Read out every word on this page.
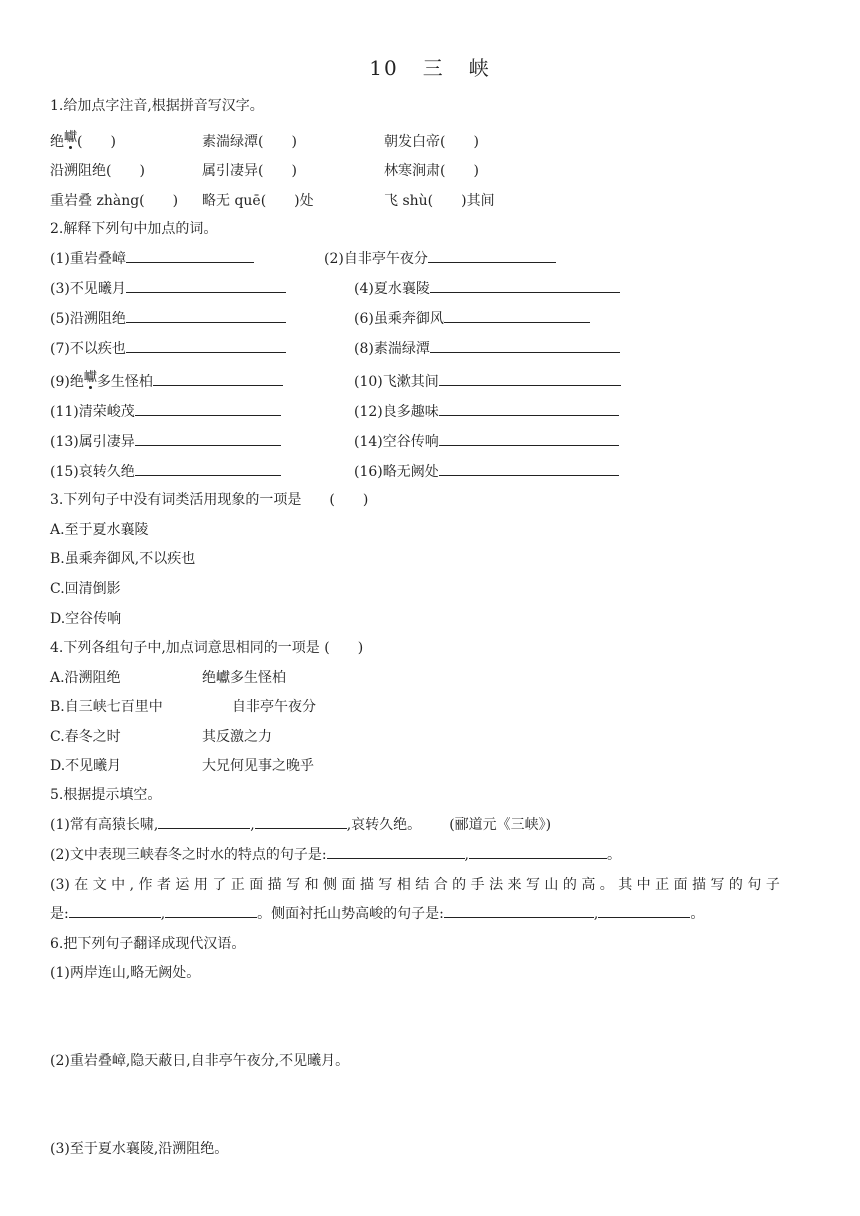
10 三 峡
1.给加点字注音,根据拼音写汉字。
绝巘(　　)	素湍绿潭(　　)	朝发白帝(　　)
沿溯阻绝(　　)	属引凄异(　　)	林寒涧肃(　　)
重岩叠 zhàng(　　) 略无 quē(　　)处	飞 shù(　　)其间
2.解释下列句中加点的词。
(1)重岩叠嶂	(2)自非亭午夜分
(3)不见曦月	(4)夏水襄陵
(5)沿溯阻绝	(6)虽乘奔御风
(7)不以疾也	(8)素湍绿潭
(9)绝巘多生怪柏	(10)飞漱其间
(11)清荣峻茂	(12)良多趣味
(13)属引凄异	(14)空谷传响
(15)哀转久绝	(16)略无阙处
3.下列句子中没有词类活用现象的一项是　　(　　)
A.至于夏水襄陵
B.虽乘奔御风,不以疾也
C.回清倒影
D.空谷传响
4.下列各组句子中,加点词意思相同的一项是 (　　)
A.沿溯阻绝	绝巘多生怪柏
B.自三峡七百里中	自非亭午夜分
C.春冬之时	其反激之力
D.不见曦月	大兄何见事之晚乎
5.根据提示填空。
(1)常有高猿长啸,	,	,哀转久绝。 (郦道元《三峡》)
(2)文中表现三峡春冬之时水的特点的句子是:	,	。
(3) 在 文 中 , 作 者 运 用 了 正 面 描 写 和 侧 面 描 写 相 结 合 的 手 法 来 写 山 的 高 。 其 中 正 面 描 写 的 句 子
是:	,	。侧面衬托山势高峻的句子是:	,	。
6.把下列句子翻译成现代汉语。
(1)两岸连山,略无阙处。
(2)重岩叠嶂,隐天蔽日,自非亭午夜分,不见曦月。
(3)至于夏水襄陵,沿溯阻绝。
